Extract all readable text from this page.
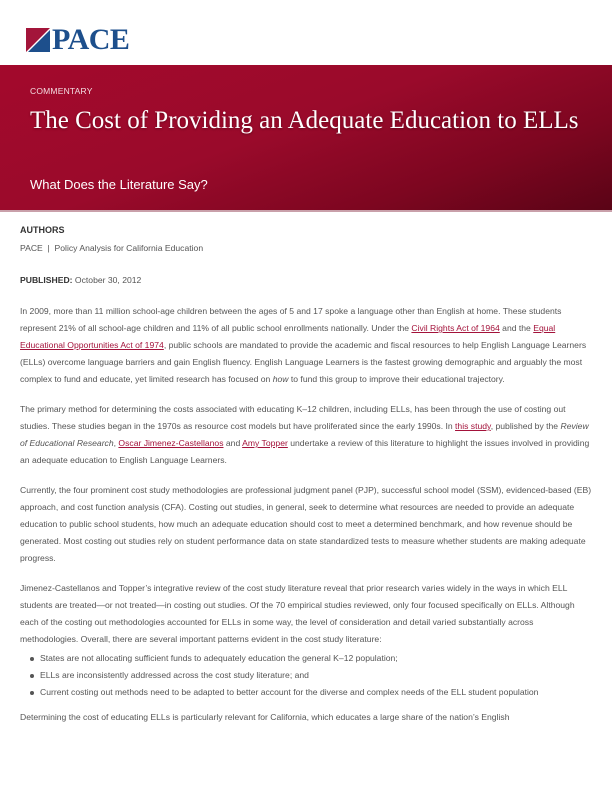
PACE
COMMENTARY
The Cost of Providing an Adequate Education to ELLs
What Does the Literature Say?
AUTHORS
PACE  |  Policy Analysis for California Education
PUBLISHED: October 30, 2012

In 2009, more than 11 million school-age children between the ages of 5 and 17 spoke a language other than English at home. These students represent 21% of all school-age children and 11% of all public school enrollments nationally. Under the Civil Rights Act of 1964 and the Equal Educational Opportunities Act of 1974, public schools are mandated to provide the academic and fiscal resources to help English Language Learners (ELLs) overcome language barriers and gain English fluency. English Language Learners is the fastest growing demographic and arguably the most complex to fund and educate, yet limited research has focused on how to fund this group to improve their educational trajectory.

The primary method for determining the costs associated with educating K–12 children, including ELLs, has been through the use of costing out studies. These studies began in the 1970s as resource cost models but have proliferated since the early 1990s. In this study, published by the Review of Educational Research, Oscar Jimenez-Castellanos and Amy Topper undertake a review of this literature to highlight the issues involved in providing an adequate education to English Language Learners.

Currently, the four prominent cost study methodologies are professional judgment panel (PJP), successful school model (SSM), evidenced-based (EB) approach, and cost function analysis (CFA). Costing out studies, in general, seek to determine what resources are needed to provide an adequate education to public school students, how much an adequate education should cost to meet a determined benchmark, and how revenue should be generated. Most costing out studies rely on student performance data on state standardized tests to measure whether students are making adequate progress.

Jimenez-Castellanos and Topper’s integrative review of the cost study literature reveal that prior research varies widely in the ways in which ELL students are treated—or not treated—in costing out studies. Of the 70 empirical studies reviewed, only four focused specifically on ELLs. Although each of the costing out methodologies accounted for ELLs in some way, the level of consideration and detail varied substantially across methodologies. Overall, there are several important patterns evident in the cost study literature:

States are not allocating sufficient funds to adequately education the general K–12 population;
ELLs are inconsistently addressed across the cost study literature; and
Current costing out methods need to be adapted to better account for the diverse and complex needs of the ELL student population

Determining the cost of educating ELLs is particularly relevant for California, which educates a large share of the nation’s English
